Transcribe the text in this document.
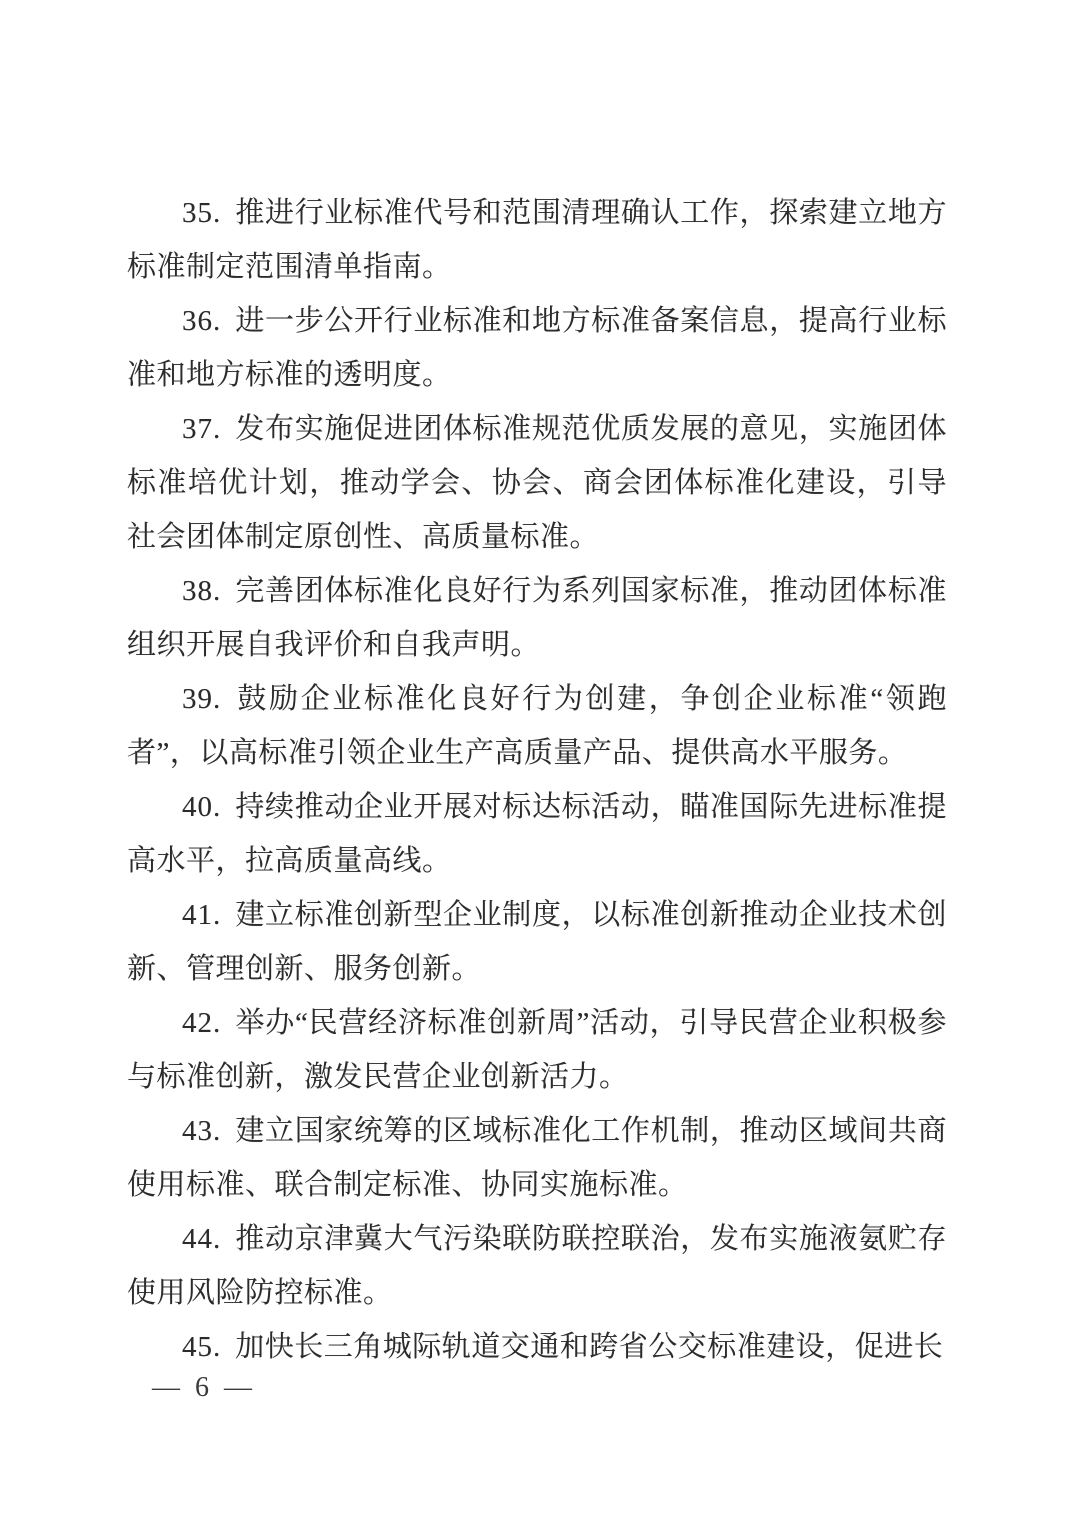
35. 推进行业标准代号和范围清理确认工作，探索建立地方标准制定范围清单指南。

36. 进一步公开行业标准和地方标准备案信息，提高行业标准和地方标准的透明度。

37. 发布实施促进团体标准规范优质发展的意见，实施团体标准培优计划，推动学会、协会、商会团体标准化建设，引导社会团体制定原创性、高质量标准。

38. 完善团体标准化良好行为系列国家标准，推动团体标准组织开展自我评价和自我声明。

39. 鼓励企业标准化良好行为创建，争创企业标准“领跑者”，以高标准引领企业生产高质量产品、提供高水平服务。

40. 持续推动企业开展对标达标活动，瞄准国际先进标准提高水平，拉高质量高线。

41. 建立标准创新型企业制度，以标准创新推动企业技术创新、管理创新、服务创新。

42. 举办“民营经济标准创新周”活动，引导民营企业积极参与标准创新，激发民营企业创新活力。

43. 建立国家统筹的区域标准化工作机制，推动区域间共商使用标准、联合制定标准、协同实施标准。

44. 推动京津冀大气污染联防联控联治，发布实施液氨贮存使用风险防控标准。

45. 加快长三角城际轨道交通和跨省公交标准建设，促进长

— 6 —
